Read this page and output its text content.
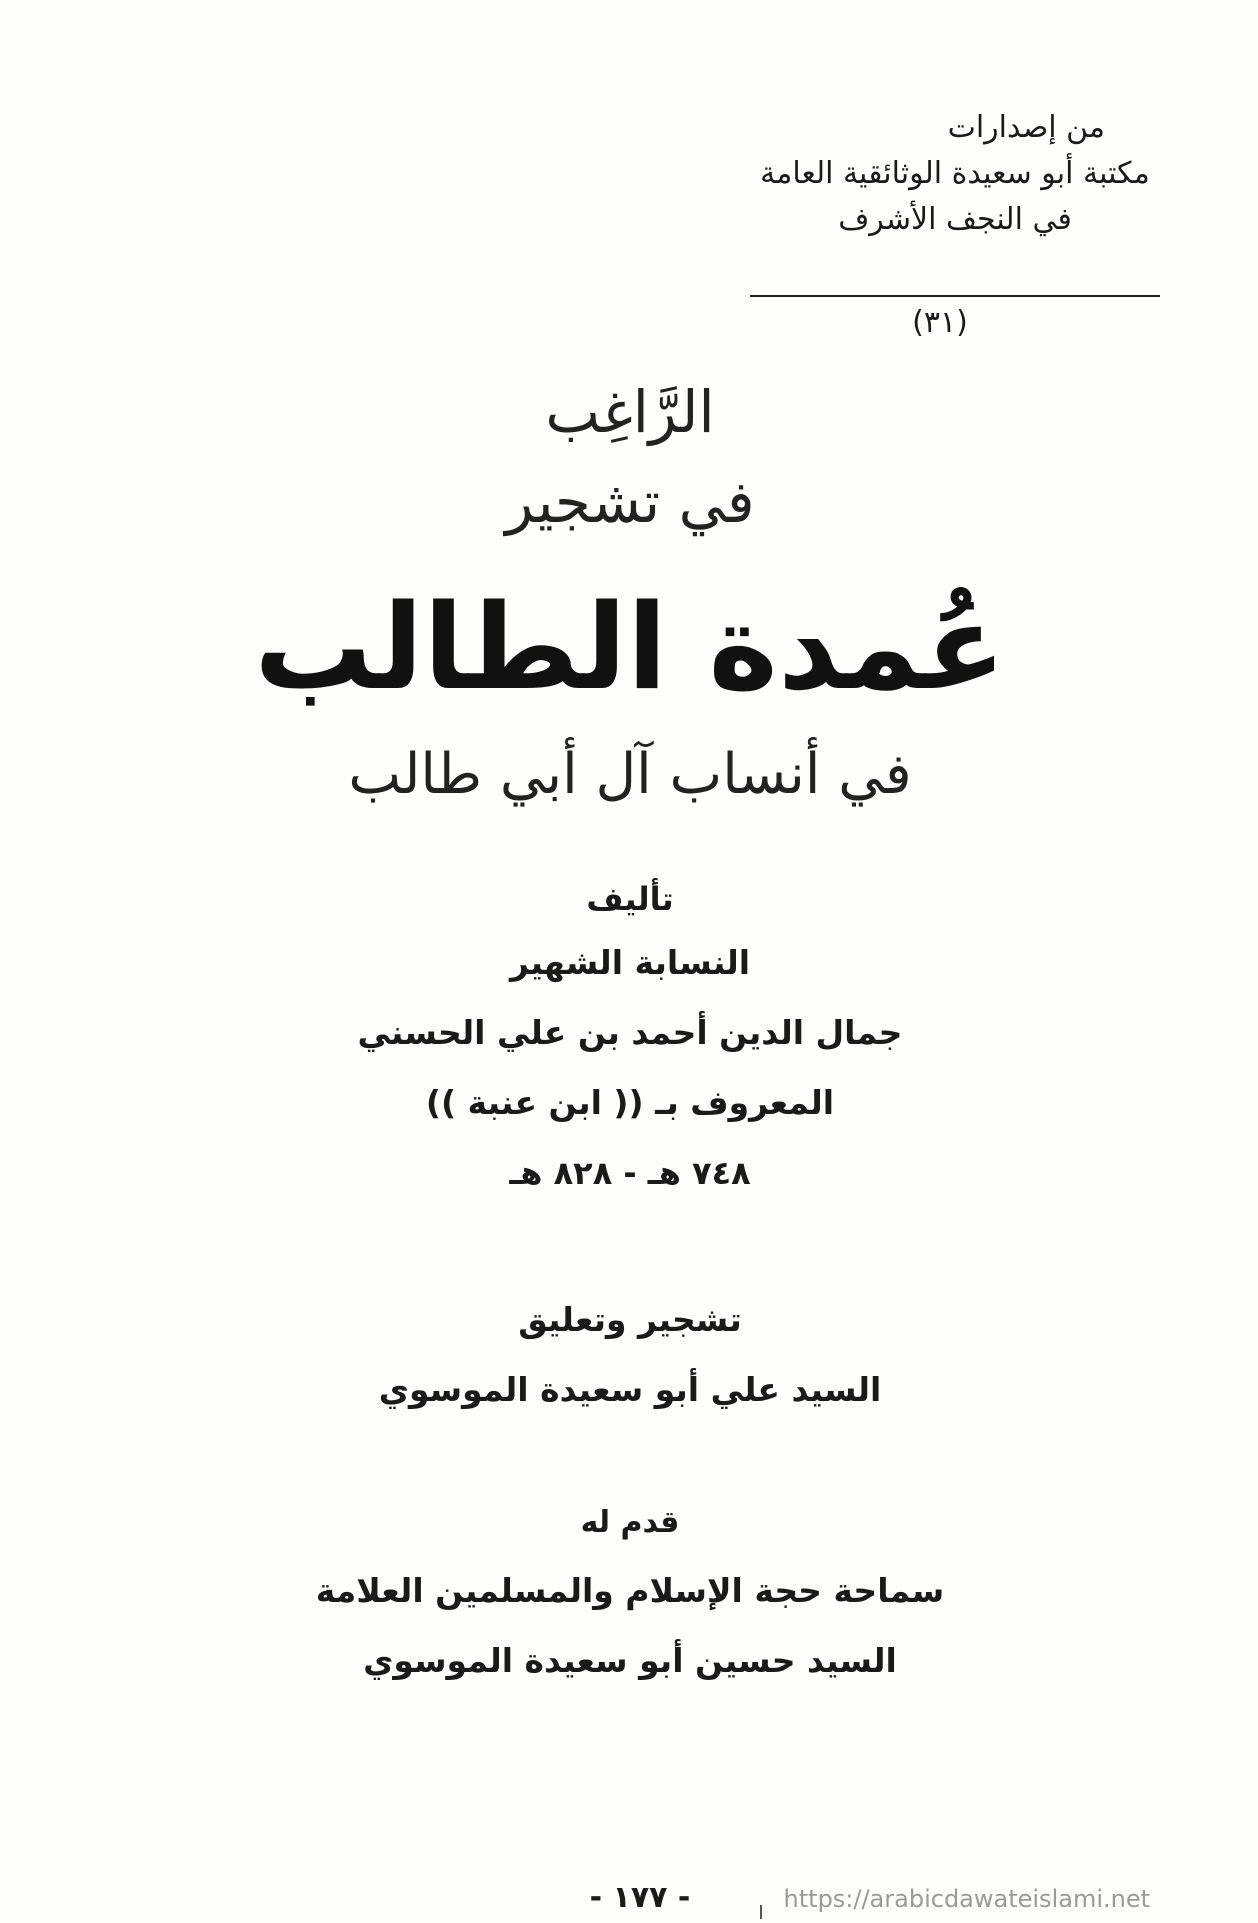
من إصدارات
مكتبة أبو سعيدة الوثائقية العامة
في النجف الأشرف
(٣١)
الرَّاغِب
في تشجير
عُمدة الطالب
في أنساب آل أبي طالب
تأليف
النسابة الشهير
جمال الدين أحمد بن علي الحسني
المعروف بـ (( ابن عنبة ))
٧٤٨ هـ - ٨٢٨ هـ
تشجير وتعليق
السيد علي أبو سعيدة الموسوي
قدم له
سماحة حجة الإسلام والمسلمين العلامة
السيد حسين أبو سعيدة الموسوي
- ١٧٧ -	https://arabicdawateislami.net
